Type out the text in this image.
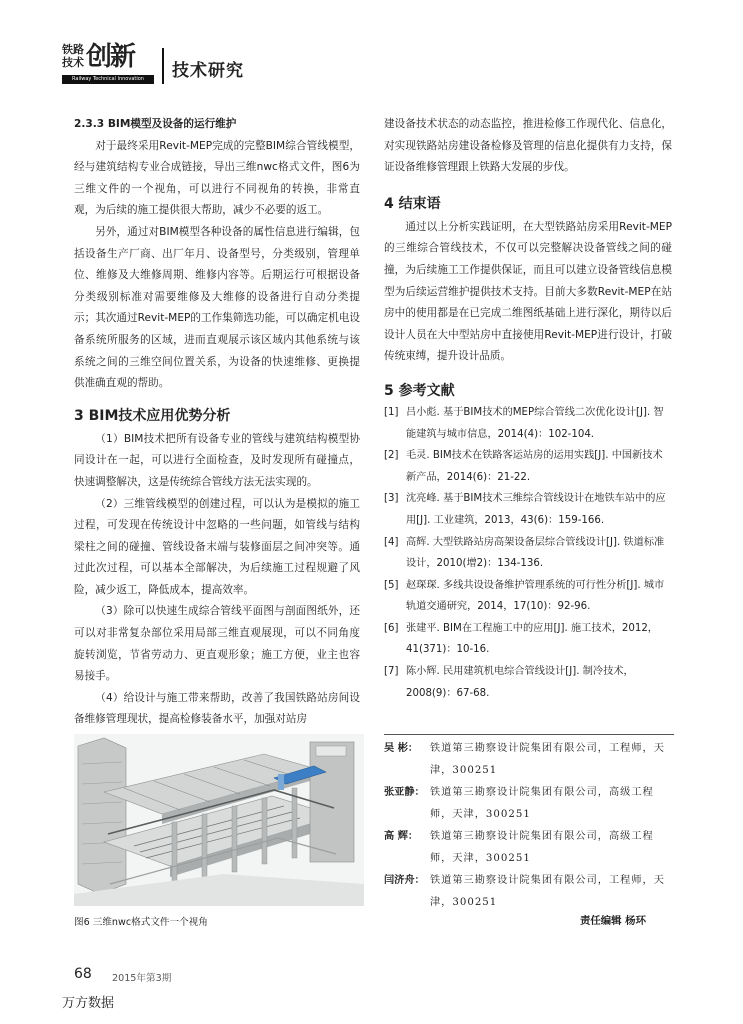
铁路
技术 创新
Railway Technical Innovation	技术研究
2.3.3 BIM模型及设备的运行维护

对于最终采用Revit-MEP完成的完整BIM综合管线模型，经与建筑结构专业合成链接，导出三维nwc格式文件，图6为三维文件的一个视角，可以进行不同视角的转换，非常直观，为后续的施工提供很大帮助，减少不必要的返工。

另外，通过对BIM模型各种设备的属性信息进行编辑，包括设备生产厂商、出厂年月、设备型号，分类级别，管理单位、维修及大维修周期、维修内容等。后期运行可根据设备分类级别标准对需要维修及大维修的设备进行自动分类提示；其次通过Revit-MEP的工作集筛选功能，可以确定机电设备系统所服务的区域，进而直观展示该区域内其他系统与该系统之间的三维空间位置关系，为设备的快速维修、更换提供准确直观的帮助。

3 BIM技术应用优势分析

（1）BIM技术把所有设备专业的管线与建筑结构模型协同设计在一起，可以进行全面检查，及时发现所有碰撞点，快速调整解决，这是传统综合管线方法无法实现的。

（2）三维管线模型的创建过程，可以认为是模拟的施工过程，可发现在传统设计中忽略的一些问题，如管线与结构梁柱之间的碰撞、管线设备末端与装修面层之间冲突等。通过此次过程，可以基本全部解决，为后续施工过程规避了风险，减少返工，降低成本，提高效率。

（3）除可以快速生成综合管线平面图与剖面图纸外，还可以对非常复杂部位采用局部三维直观展现，可以不同角度旋转浏览，节省劳动力、更直观形象；施工方便，业主也容易接手。

（4）给设计与施工带来帮助，改善了我国铁路站房间设备维修管理现状，提高检修装备水平，加强对站房

建设备技术状态的动态监控，推进检修工作现代化、信息化，对实现铁路站房建设备检修及管理的信息化提供有力支持，保证设备维修管理跟上铁路大发展的步伐。

4 结束语

通过以上分析实践证明，在大型铁路站房采用Revit-MEP的三维综合管线技术，不仅可以完整解决设备管线之间的碰撞，为后续施工工作提供保证，而且可以建立设备管线信息模型为后续运营维护提供技术支持。目前大多数Revit-MEP在站房中的使用都是在已完成二维图纸基础上进行深化，期待以后设计人员在大中型站房中直接使用Revit-MEP进行设计，打破传统束缚，提升设计品质。

5 参考文献
[1] 吕小彪. 基于BIM技术的MEP综合管线二次优化设计[J]. 智能建筑与城市信息，2014(4)：102-104.
[2] 毛灵. BIM技术在铁路客运站房的运用实践[J]. 中国新技术新产品，2014(6)：21-22.
[3] 沈亮峰. 基于BIM技术三维综合管线设计在地铁车站中的应用[J]. 工业建筑，2013，43(6)：159-166.
[4] 高辉. 大型铁路站房高架设备层综合管线设计[J]. 铁道标准设计，2010(增2)：134-136.
[5] 赵琛琛. 多线共设设备维护管理系统的可行性分析[J]. 城市轨道交通研究，2014，17(10)：92-96.
[6] 张建平. BIM在工程施工中的应用[J]. 施工技术，2012，41(371)：10-16.
[7] 陈小辉. 民用建筑机电综合管线设计[J]. 制冷技术，2008(9)：67-68.
图6 三维nwc格式文件一个视角
吴 彬：	铁道第三勘察设计院集团有限公司，工程师，天津，300251
张亚静： 铁道第三勘察设计院集团有限公司，高级工程师，天津，300251
高 辉：	铁道第三勘察设计院集团有限公司，高级工程师，天津，300251
闫济舟： 铁道第三勘察设计院集团有限公司，工程师，天津，300251
责任编辑 杨环
68 2015年第3期
万方数据
